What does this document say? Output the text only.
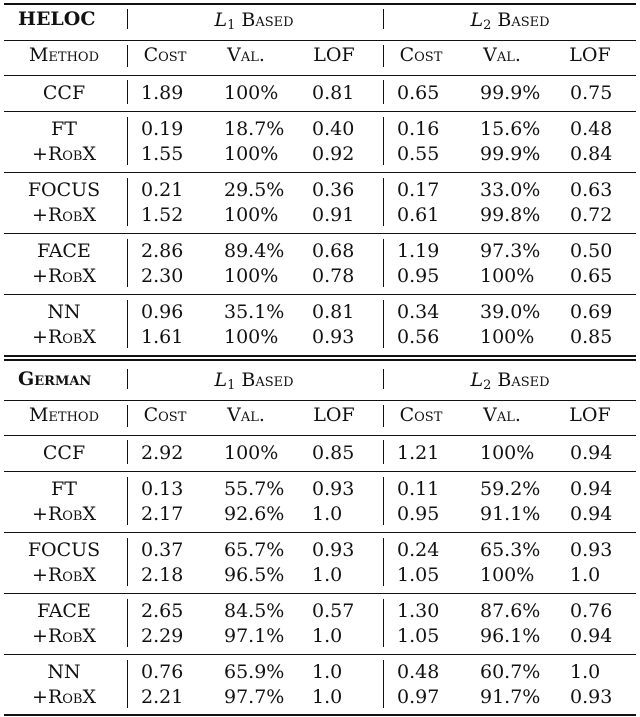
HELOC	$L_1$ Based	$L_2$ Based
Method Cost Val.	LOF Cost Val.	LOF
CCF	1.89 100% 0.81 0.65 99.9% 0.75
FT	0.19 18.7% 0.40 0.16 15.6% 0.48
+RobX 1.55 100% 0.92 0.55 99.9% 0.84
FOCUS 0.21 29.5% 0.36 0.17 33.0% 0.63
+RobX 1.52 100% 0.91 0.61 99.8% 0.72
FACE	2.86 89.4% 0.68 1.19 97.3% 0.50
+RobX 2.30 100% 0.78 0.95 100% 0.65
NN	0.96 35.1% 0.81 0.34 39.0% 0.69
+RobX 1.61 100% 0.93 0.56 100% 0.85
German	$L_1$ Based	$L_2$ Based
Method Cost Val.	LOF Cost Val.	LOF
CCF	2.92 100% 0.85 1.21 100% 0.94
FT	0.13 55.7% 0.93 0.11 59.2% 0.94
+RobX 2.17 92.6% 1.0	0.95 91.1% 0.94
FOCUS 0.37 65.7% 0.93 0.24 65.3% 0.93
+RobX 2.18 96.5% 1.0	1.05 100% 1.0
FACE	2.65 84.5% 0.57 1.30 87.6% 0.76
+RobX 2.29 97.1% 1.0	1.05 96.1% 0.94
NN	0.76 65.9% 1.0	0.48 60.7% 1.0
+RobX 2.21 97.7% 1.0	0.97 91.7% 0.93
